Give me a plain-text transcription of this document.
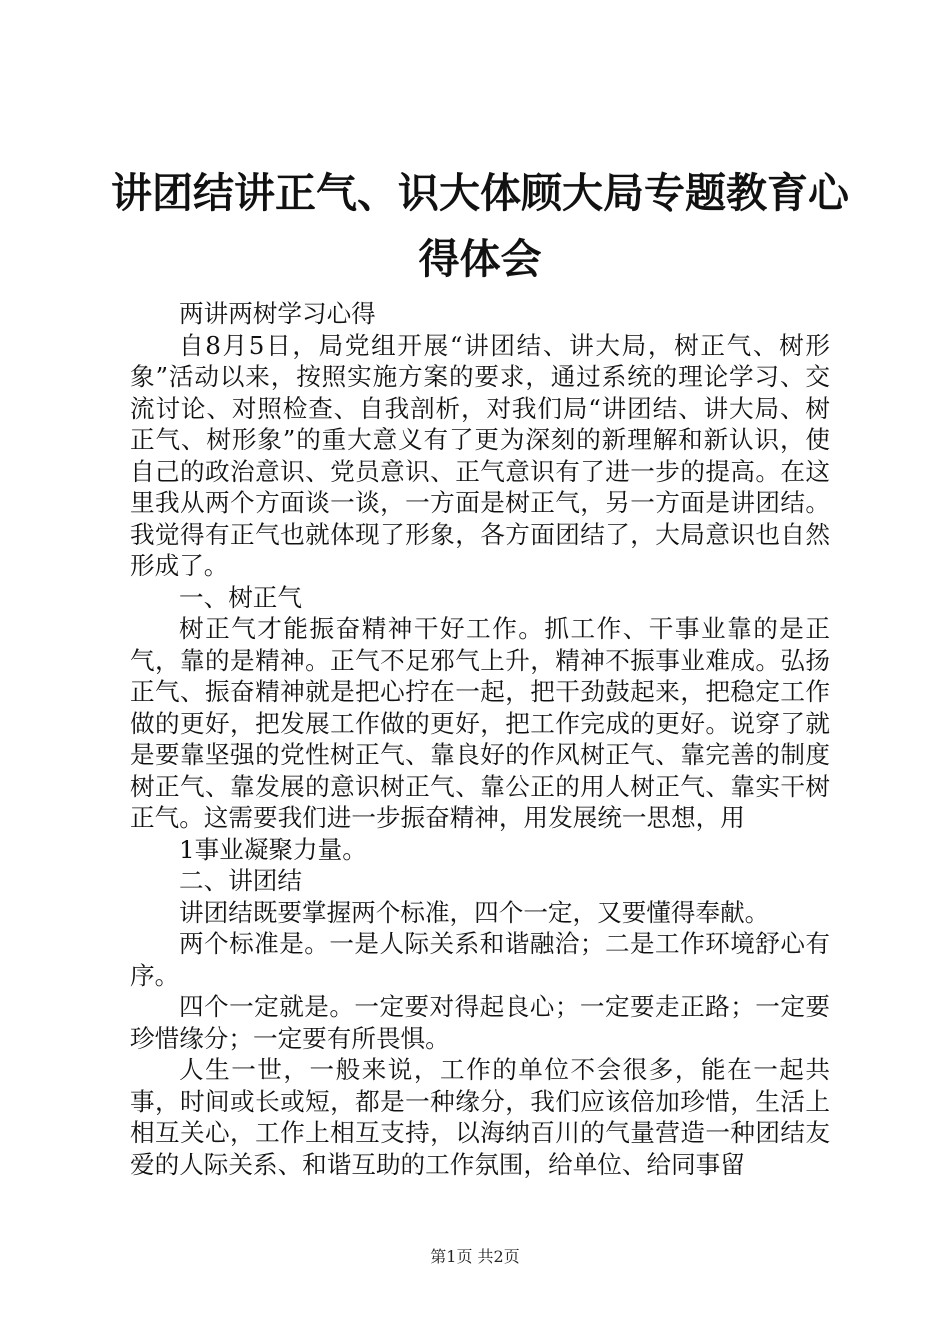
讲团结讲正气、识大体顾大局专题教育心得体会

两讲两树学习心得

自8月5日，局党组开展“讲团结、讲大局，树正气、树形象”活动以来，按照实施方案的要求，通过系统的理论学习、交流讨论、对照检查、自我剖析，对我们局“讲团结、讲大局、树正气、树形象”的重大意义有了更为深刻的新理解和新认识，使自己的政治意识、党员意识、正气意识有了进一步的提高。在这里我从两个方面谈一谈，一方面是树正气，另一方面是讲团结。我觉得有正气也就体现了形象，各方面团结了，大局意识也自然形成了。

一、树正气

树正气才能振奋精神干好工作。抓工作、干事业靠的是正气，靠的是精神。正气不足邪气上升，精神不振事业难成。弘扬正气、振奋精神就是把心拧在一起，把干劲鼓起来，把稳定工作做的更好，把发展工作做的更好，把工作完成的更好。说穿了就是要靠坚强的党性树正气、靠良好的作风树正气、靠完善的制度树正气、靠发展的意识树正气、靠公正的用人树正气、靠实干树正气。这需要我们进一步振奋精神，用发展统一思想，用

1事业凝聚力量。

二、讲团结

讲团结既要掌握两个标准，四个一定，又要懂得奉献。

两个标准是。一是人际关系和谐融洽；二是工作环境舒心有序。

四个一定就是。一定要对得起良心；一定要走正路；一定要珍惜缘分；一定要有所畏惧。

人生一世，一般来说，工作的单位不会很多，能在一起共事，时间或长或短，都是一种缘分，我们应该倍加珍惜，生活上相互关心，工作上相互支持，以海纳百川的气量营造一种团结友爱的人际关系、和谐互助的工作氛围，给单位、给同事留

第1页 共2页
